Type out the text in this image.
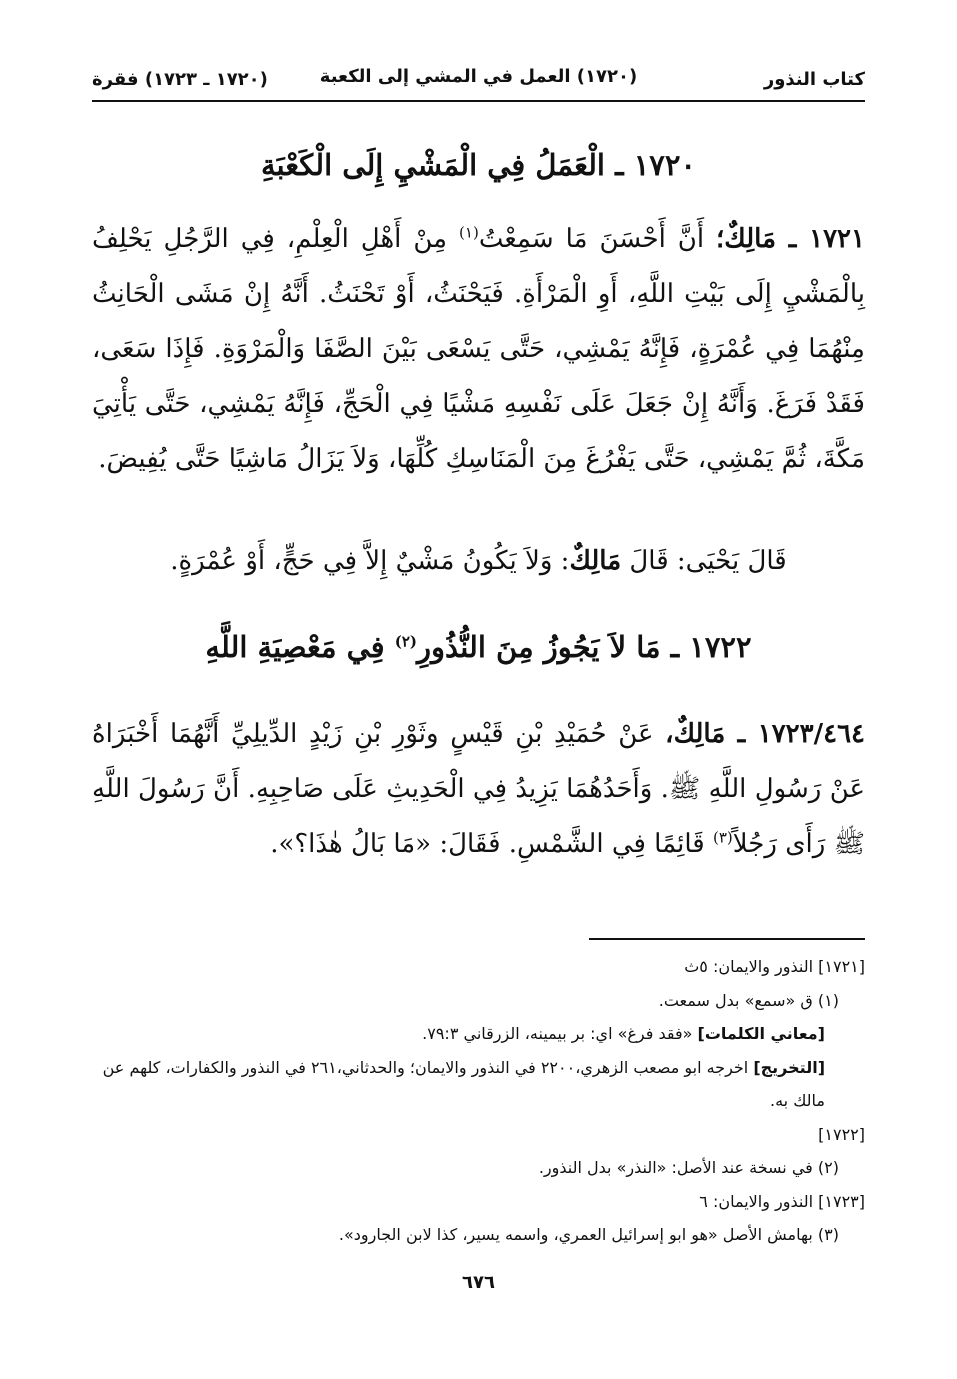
كتاب النذور
(١٧٢٠) العمل في المشي إلى الكعبة
(١٧٢٠ ـ ١٧٢٣) فقرة
١٧٢٠ ـ الْعَمَلُ فِي الْمَشْيِ إِلَى الْكَعْبَةِ
١٧٢١ ـ مَالِكٌ؛ أَنَّ أَحْسَنَ مَا سَمِعْتُ$^{(١)}$ مِنْ أَهْلِ الْعِلْمِ، فِي الرَّجُلِ يَحْلِفُ بِالْمَشْيِ إِلَى بَيْتِ اللَّهِ، أَوِ الْمَرْأَةِ. فَيَحْنَثُ، أَوْ تَحْنَثُ. أَنَّهُ إِنْ مَشَى الْحَانِثُ مِنْهُمَا فِي عُمْرَةٍ، فَإِنَّهُ يَمْشِي، حَتَّى يَسْعَى بَيْنَ الصَّفَا وَالْمَرْوَةِ. فَإِذَا سَعَى، فَقَدْ فَرَغَ. وَأَنَّهُ إِنْ جَعَلَ عَلَى نَفْسِهِ مَشْيًا فِي الْحَجِّ، فَإِنَّهُ يَمْشِي، حَتَّى يَأْتِيَ مَكَّةَ، ثُمَّ يَمْشِي، حَتَّى يَفْرُغَ مِنَ الْمَنَاسِكِ كُلِّهَا، وَلاَ يَزَالُ مَاشِيًا حَتَّى يُفِيضَ.
قَالَ يَحْيَى: قَالَ مَالِكٌ: وَلاَ يَكُونُ مَشْيٌ إِلاَّ فِي حَجٍّ، أَوْ عُمْرَةٍ.
١٧٢٢ ـ مَا لاَ يَجُوزُ مِنَ النُّذُورِ$^{(٢)}$ فِي مَعْصِيَةِ اللَّهِ
١٧٢٣/٤٦٤ ـ مَالِكٌ، عَنْ حُمَيْدِ بْنِ قَيْسٍ وثَوْرِ بْنِ زَيْدٍ الدِّيلِيِّ أَنَّهُمَا أَخْبَرَاهُ عَنْ رَسُولِ اللَّهِ ﷺ. وَأَحَدُهُمَا يَزِيدُ فِي الْحَدِيثِ عَلَى صَاحِبِهِ. أَنَّ رَسُولَ اللَّهِ ﷺ رَأَى رَجُلاً$^{(٣)}$ قَائِمًا فِي الشَّمْسِ. فَقَالَ: «مَا بَالُ هٰذَا؟».
[١٧٢١] النذور والايمان: ٥ث
(١) ق «سمع» بدل سمعت.
[معاني الكلمات] «فقد فرغ» اي: بر بيمينه، الزرقاني ٧٩:٣.
[التخريج] اخرجه ابو مصعب الزهري،٢٢٠٠ في النذور والايمان؛ والحدثاني،٢٦١ في النذور والكفارات، كلهم عن مالك به.
[١٧٢٢]
(٢) في نسخة عند الأصل: «النذر» بدل النذور.
[١٧٢٣] النذور والايمان: ٦
(٣) بهامش الأصل «هو ابو إسرائيل العمري، واسمه يسير، كذا لابن الجارود».
٦٧٦
